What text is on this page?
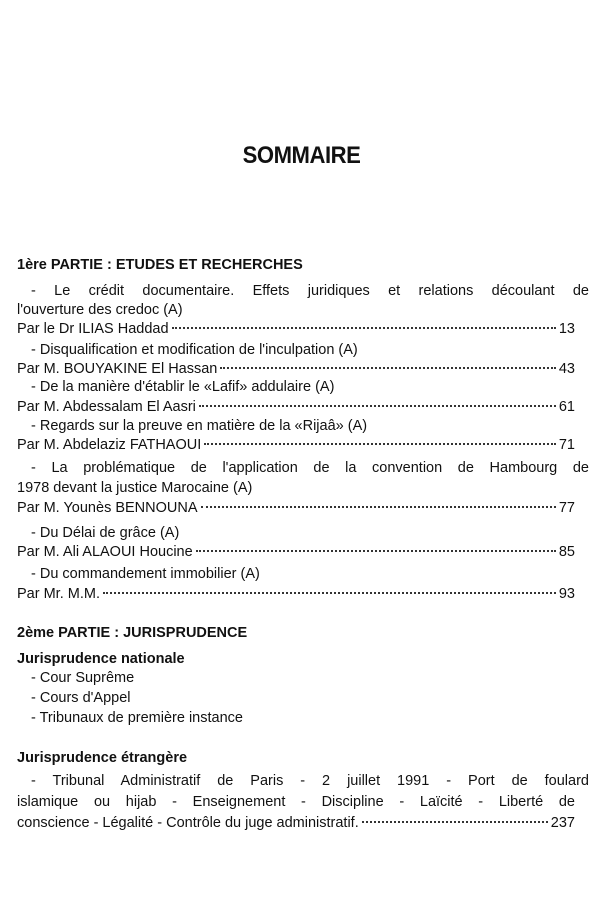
SOMMAIRE
1ère PARTIE : ETUDES ET RECHERCHES
- Le crédit documentaire. Effets juridiques et relations découlant de
l'ouverture des credoc (A)
Par le Dr ILIAS Haddad	13
- Disqualification et modification de l'inculpation (A)
Par M. BOUYAKINE El Hassan	43
- De la manière d'établir le «Lafif» addulaire (A)
Par M. Abdessalam El Aasri	61
- Regards sur la preuve en matière de la «Rijaâ» (A)
Par M. Abdelaziz FATHAOUI	71
- La problématique de l'application de la convention de Hambourg de
1978 devant la justice Marocaine (A)
Par M. Younès BENNOUNA	77
- Du Délai de grâce (A)
Par M. Ali ALAOUI Houcine	85
- Du commandement immobilier (A)
Par Mr. M.M.	93
2ème PARTIE : JURISPRUDENCE
Jurisprudence nationale
- Cour Suprême
- Cours d'Appel
- Tribunaux de première instance
Jurisprudence étrangère
- Tribunal Administratif de Paris - 2 juillet 1991 - Port de foulard
islamique ou hijab - Enseignement - Discipline - Laïcité - Liberté de
conscience - Légalité - Contrôle du juge administratif.	237
